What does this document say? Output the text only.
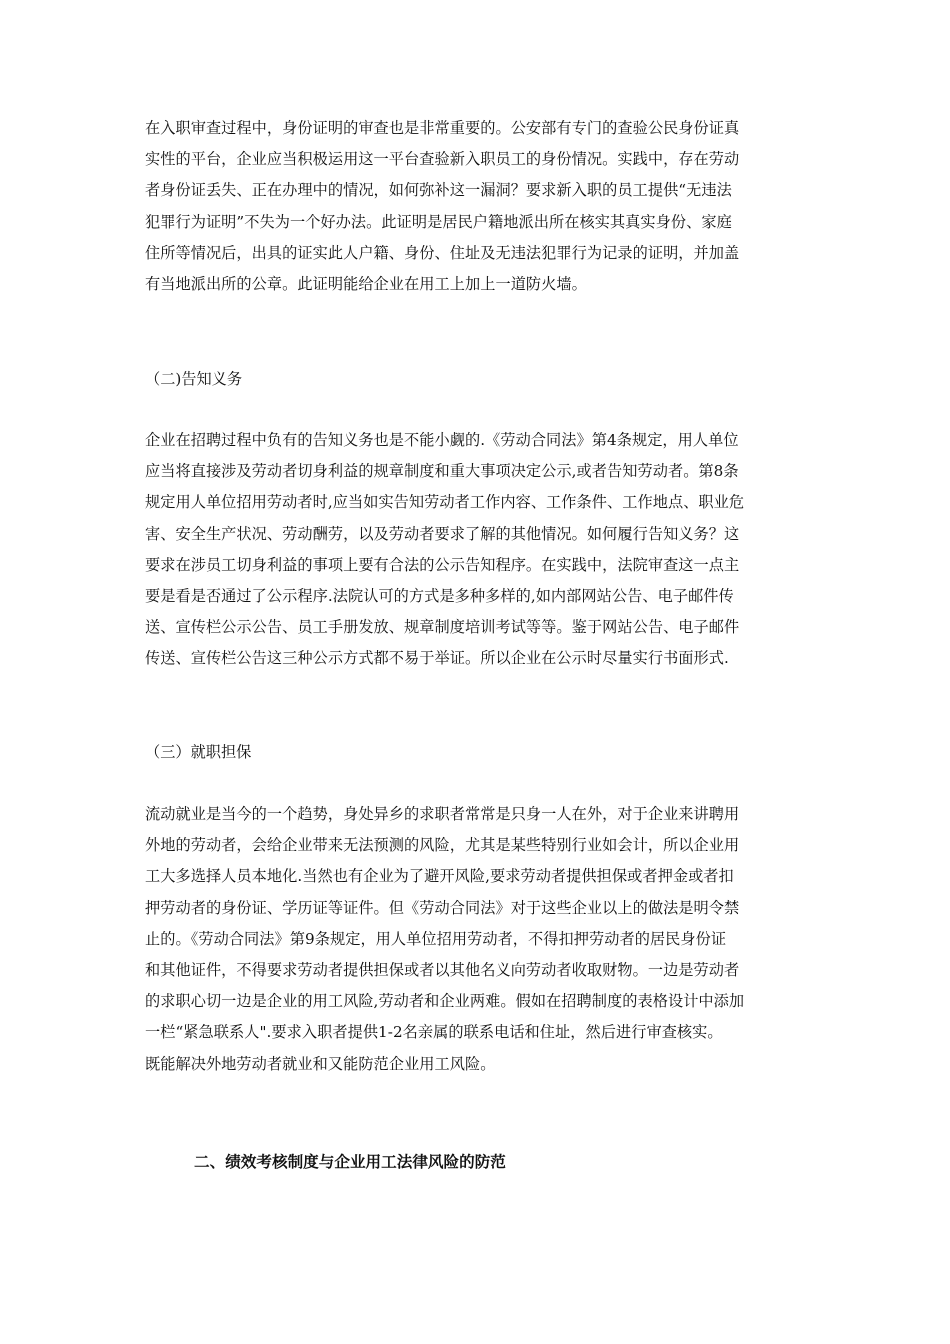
在入职审查过程中，身份证明的审查也是非常重要的。公安部有专门的查验公民身份证真
实性的平台，企业应当积极运用这一平台查验新入职员工的身份情况。实践中，存在劳动
者身份证丢失、正在办理中的情况，如何弥补这一漏洞？要求新入职的员工提供“无违法
犯罪行为证明”不失为一个好办法。此证明是居民户籍地派出所在核实其真实身份、家庭
住所等情况后，出具的证实此人户籍、身份、住址及无违法犯罪行为记录的证明，并加盖
有当地派出所的公章。此证明能给企业在用工上加上一道防火墙。

（二)告知义务

企业在招聘过程中负有的告知义务也是不能小觑的.《劳动合同法》第4条规定，用人单位
应当将直接涉及劳动者切身利益的规章制度和重大事项决定公示,或者告知劳动者。第8条
规定用人单位招用劳动者时,应当如实告知劳动者工作内容、工作条件、工作地点、职业危
害、安全生产状况、劳动酬劳，以及劳动者要求了解的其他情况。如何履行告知义务？这
要求在涉员工切身利益的事项上要有合法的公示告知程序。在实践中，法院审查这一点主
要是看是否通过了公示程序.法院认可的方式是多种多样的,如内部网站公告、电子邮件传
送、宣传栏公示公告、员工手册发放、规章制度培训考试等等。鉴于网站公告、电子邮件
传送、宣传栏公告这三种公示方式都不易于举证。所以企业在公示时尽量实行书面形式.

（三）就职担保

流动就业是当今的一个趋势，身处异乡的求职者常常是只身一人在外，对于企业来讲聘用
外地的劳动者，会给企业带来无法预测的风险，尤其是某些特别行业如会计，所以企业用
工大多选择人员本地化.当然也有企业为了避开风险,要求劳动者提供担保或者押金或者扣
押劳动者的身份证、学历证等证件。但《劳动合同法》对于这些企业以上的做法是明令禁
止的。《劳动合同法》第9条规定，用人单位招用劳动者，不得扣押劳动者的居民身份证
和其他证件，不得要求劳动者提供担保或者以其他名义向劳动者收取财物。一边是劳动者
的求职心切一边是企业的用工风险,劳动者和企业两难。假如在招聘制度的表格设计中添加
一栏“紧急联系人".要求入职者提供1-2名亲属的联系电话和住址，然后进行审查核实。
既能解决外地劳动者就业和又能防范企业用工风险。

二、绩效考核制度与企业用工法律风险的防范
